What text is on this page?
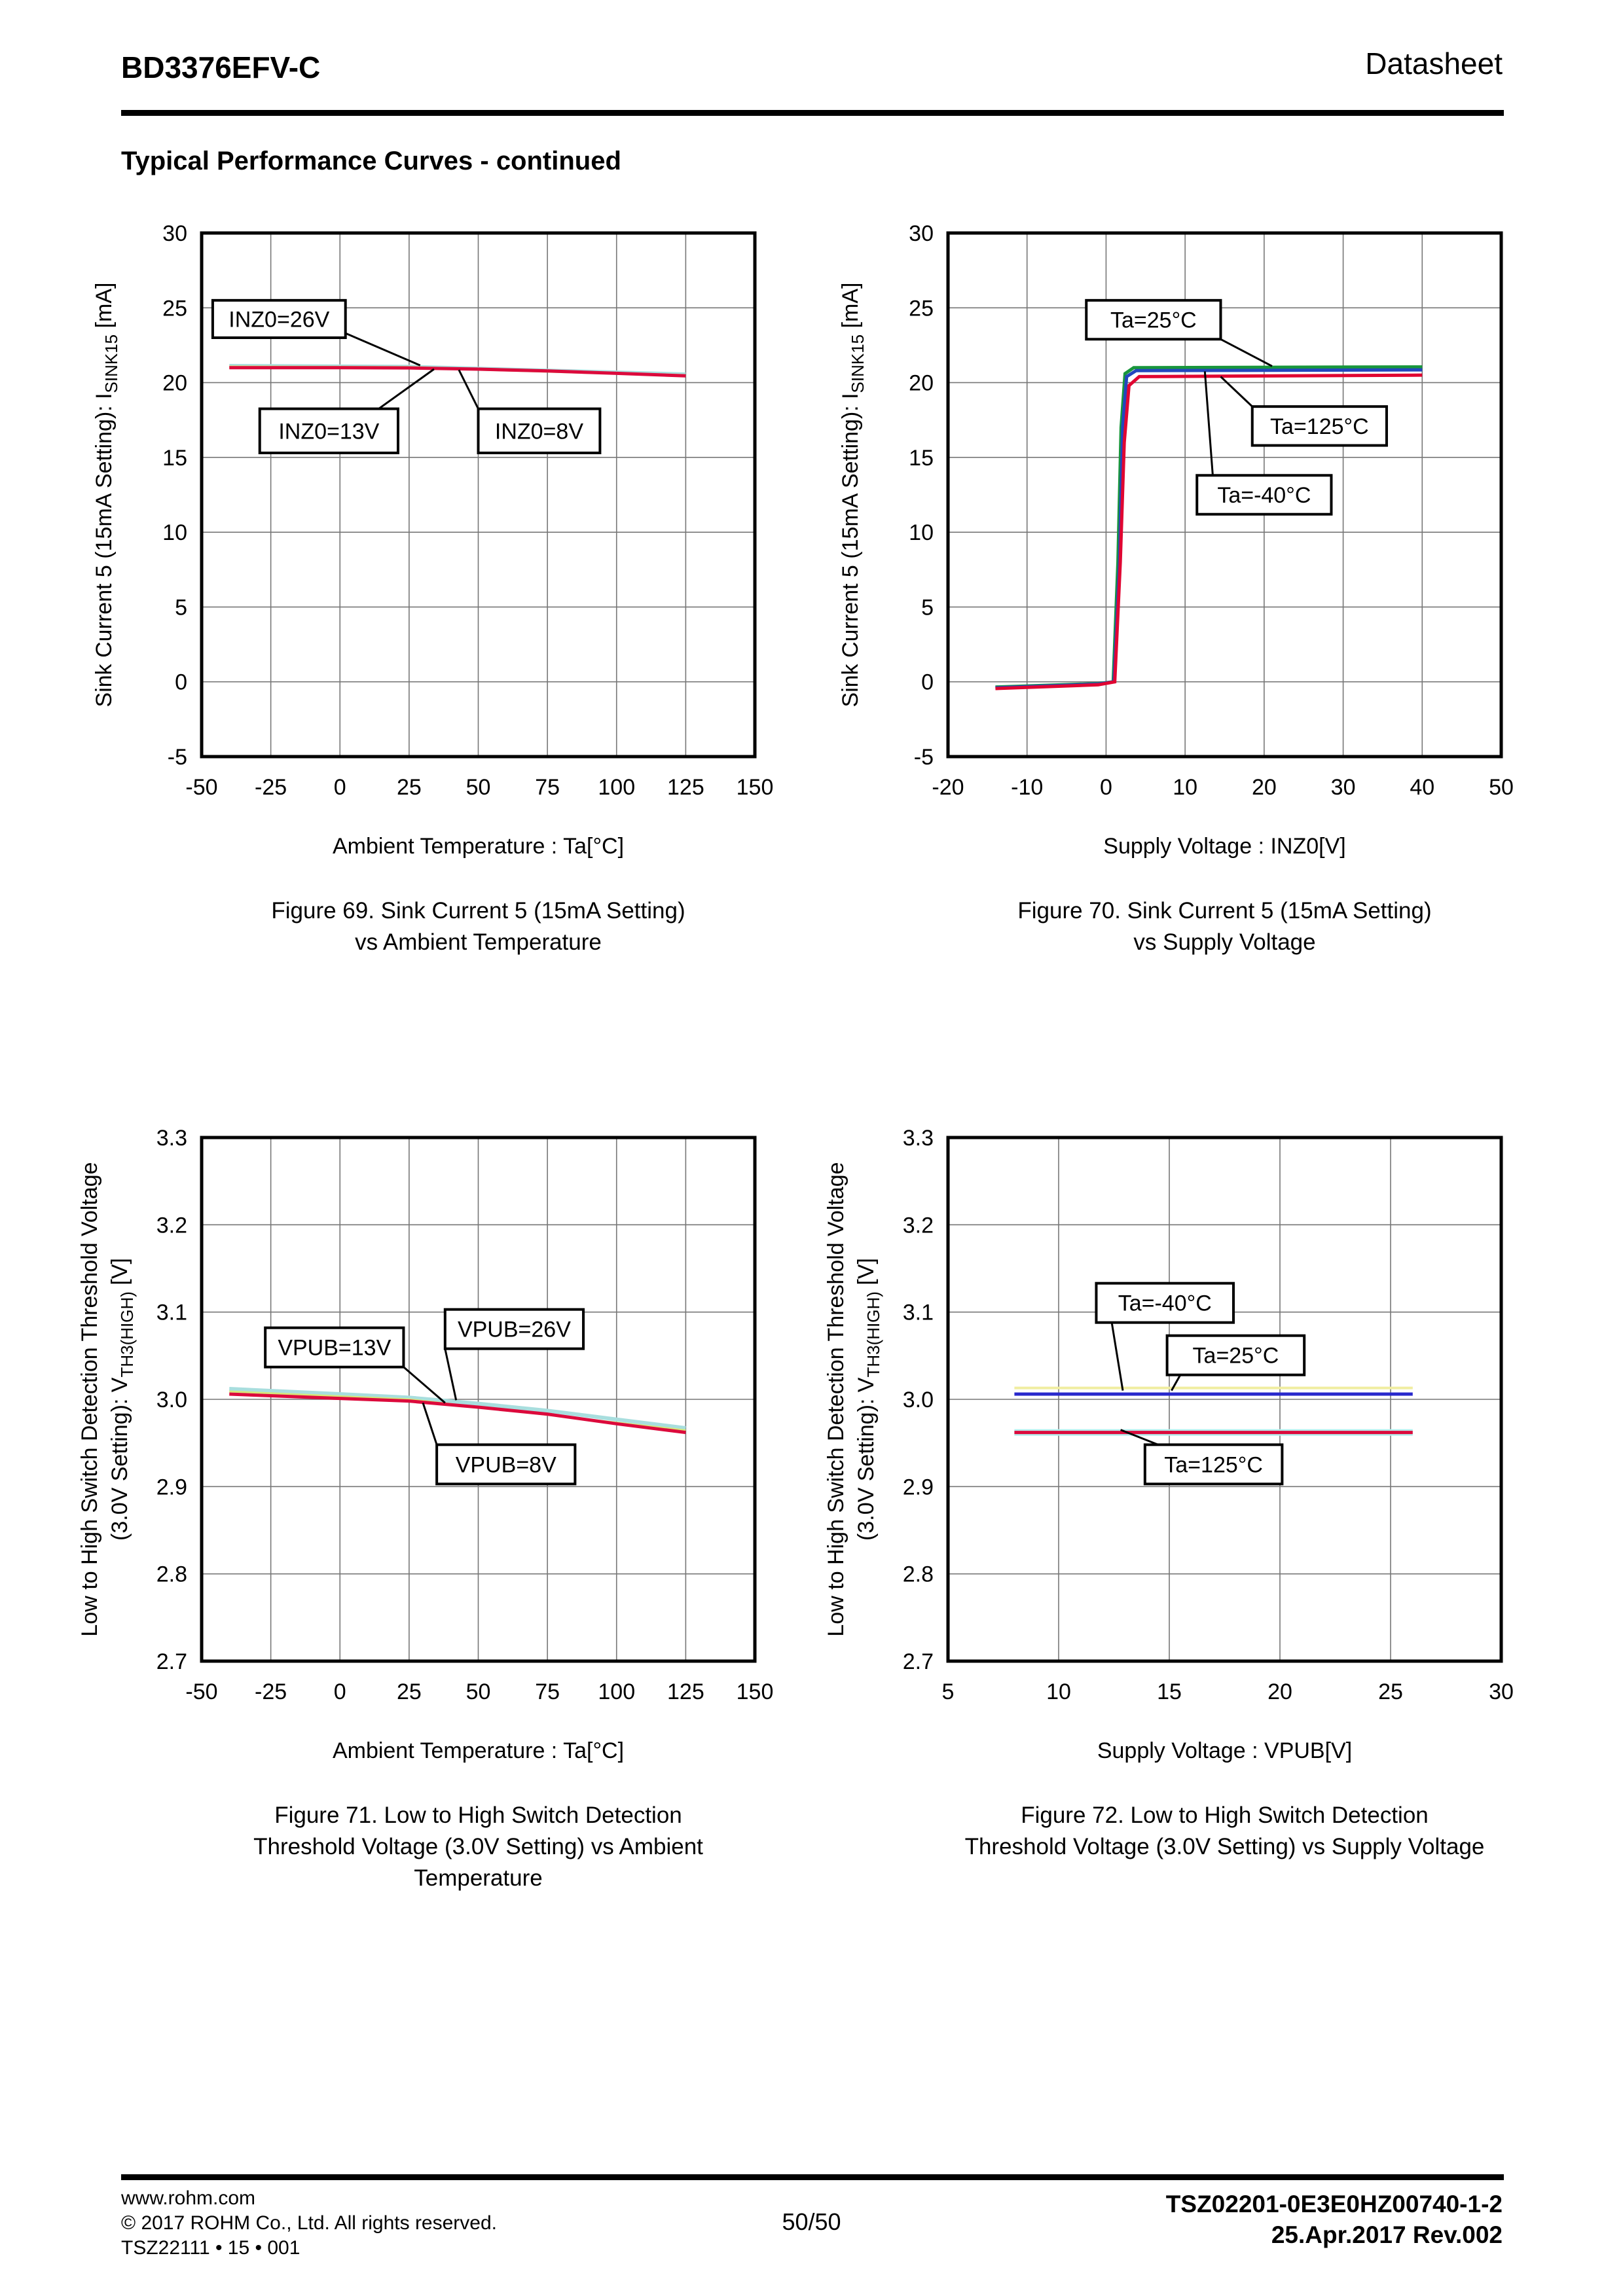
BD3376EFV-C	Datasheet
Typical Performance Curves - continued
-50 -25 0 25 50 75 100 125 150
-5
0
5
10
15
20
25
30
Ambient Temperature : Ta[°C]
Sink Current 5 (15mA Setting): $I_{SINK15}$ [mA]	INZ0=26V
INZ0=13V	INZ0=8V
Figure 69. Sink Current 5 (15mA Setting)
vs Ambient Temperature
-20 -10	0	10 20 30 40 50
-5
0
5
10
15
20
25
30
Supply Voltage : INZ0[V]
Sink Current 5 (15mA Setting): $I_{SINK15}$ [mA]	Ta=25°C
Ta=125°C
Ta=-40°C
Figure 70. Sink Current 5 (15mA Setting)
vs Supply Voltage
-50 -25 0 25 50 75 100 125 150
2.7
2.8
2.9
3.0
3.1
3.2
3.3
Ambient Temperature : Ta[°C]
Low to High Switch Detection Threshold Voltage (3.0V Setting): $V_{TH3(HIGH)}$ [V]
VPUB=13V
VPUB=26V
VPUB=8V
Figure 71. Low to High Switch Detection
Threshold Voltage (3.0V Setting) vs Ambient Temperature
5	10	15	20	25	30
2.7
2.8
2.9
3.0
3.1
3.2
3.3
Supply Voltage : VPUB[V]
Low to High Switch Detection Threshold Voltage (3.0V Setting): $V_{TH3(HIGH)}$ [V]
Ta=-40°C
Ta=25°C
Ta=125°C
Figure 72. Low to High Switch Detection
Threshold Voltage (3.0V Setting) vs Supply Voltage
www.rohm.com
© 2017 ROHM Co., Ltd. All rights reserved.
TSZ22111 • 15 • 001
50/50
TSZ02201-0E3E0HZ00740-1-2
25.Apr.2017 Rev.002
